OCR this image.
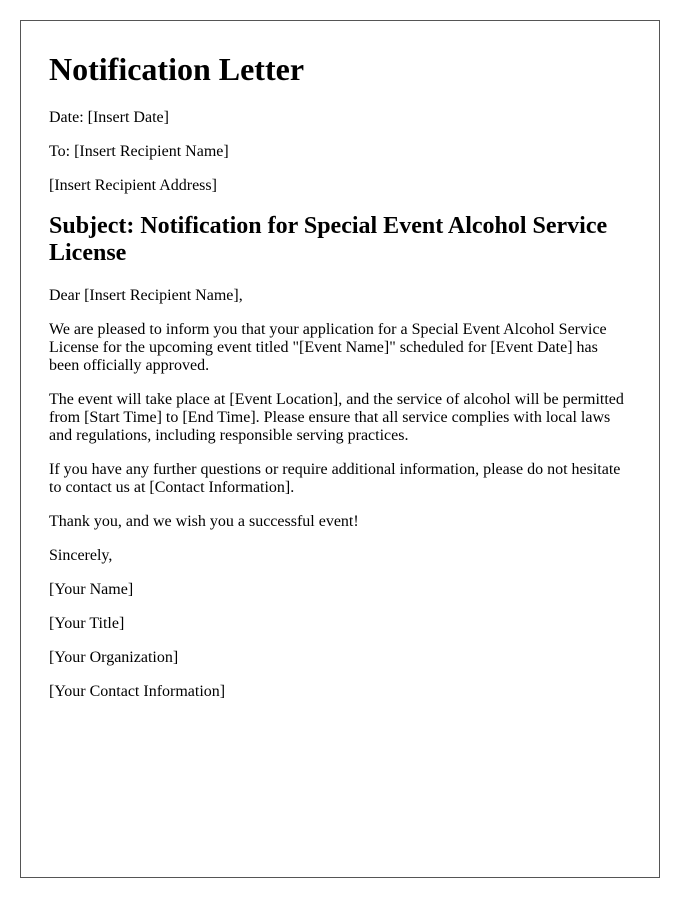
Notification Letter
Date: [Insert Date]
To: [Insert Recipient Name]
[Insert Recipient Address]
Subject: Notification for Special Event Alcohol Service License
Dear [Insert Recipient Name],
We are pleased to inform you that your application for a Special Event Alcohol Service License for the upcoming event titled "[Event Name]" scheduled for [Event Date] has been officially approved.
The event will take place at [Event Location], and the service of alcohol will be permitted from [Start Time] to [End Time]. Please ensure that all service complies with local laws and regulations, including responsible serving practices.
If you have any further questions or require additional information, please do not hesitate to contact us at [Contact Information].
Thank you, and we wish you a successful event!
Sincerely,
[Your Name]
[Your Title]
[Your Organization]
[Your Contact Information]
